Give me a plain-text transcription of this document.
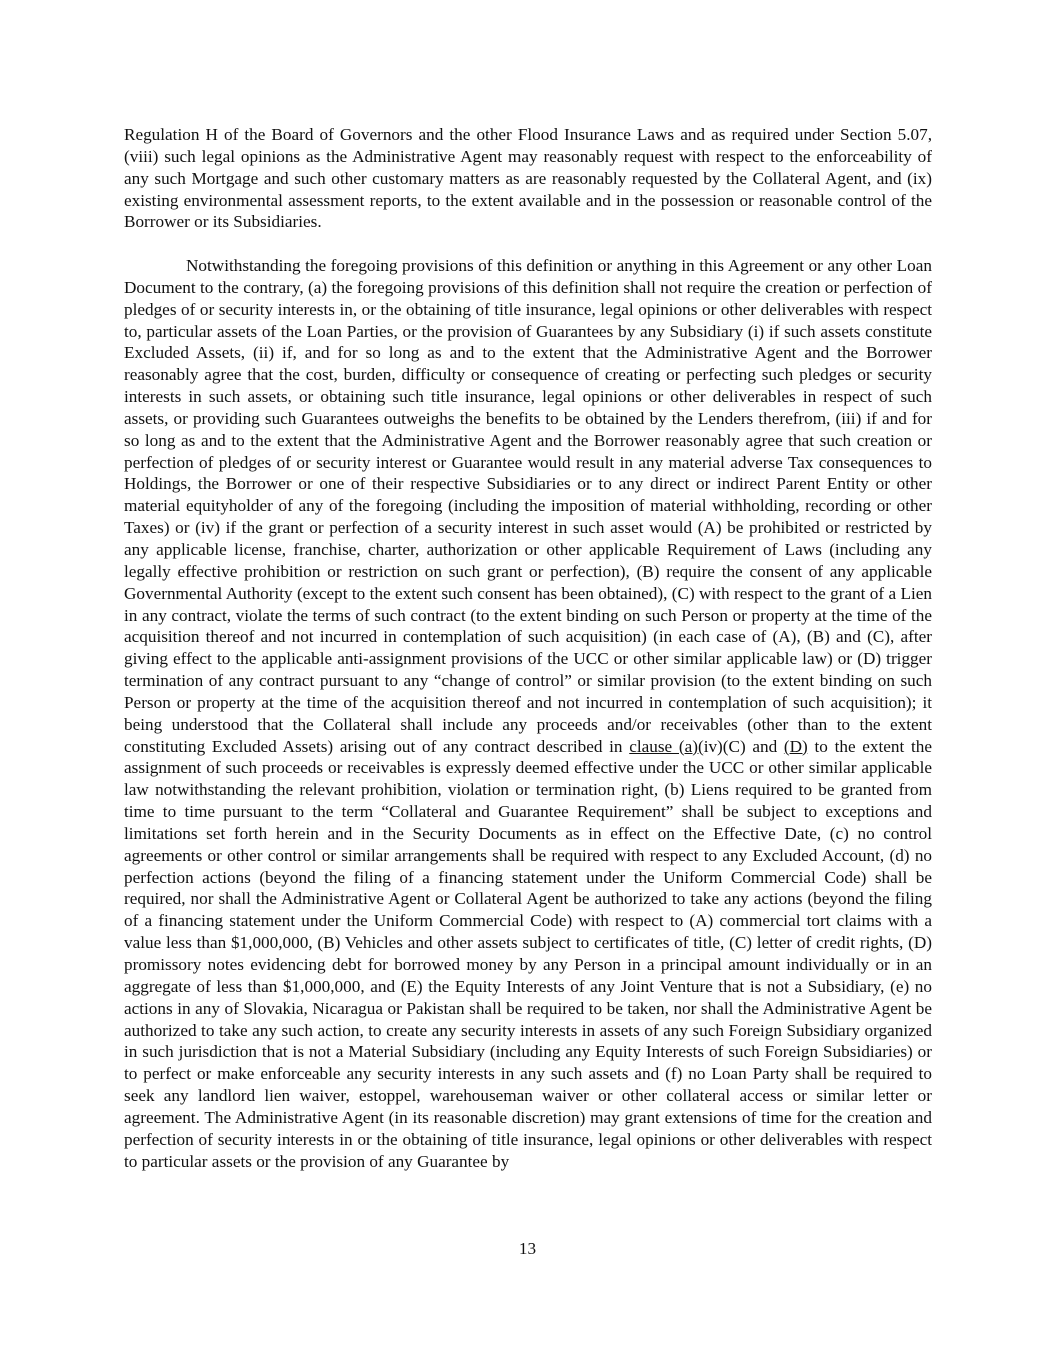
Regulation H of the Board of Governors and the other Flood Insurance Laws and as required under Section 5.07, (viii) such legal opinions as the Administrative Agent may reasonably request with respect to the enforceability of any such Mortgage and such other customary matters as are reasonably requested by the Collateral Agent, and (ix) existing environmental assessment reports, to the extent available and in the possession or reasonable control of the Borrower or its Subsidiaries.

Notwithstanding the foregoing provisions of this definition or anything in this Agreement or any other Loan Document to the contrary, (a) the foregoing provisions of this definition shall not require the creation or perfection of pledges of or security interests in, or the obtaining of title insurance, legal opinions or other deliverables with respect to, particular assets of the Loan Parties, or the provision of Guarantees by any Subsidiary (i) if such assets constitute Excluded Assets, (ii) if, and for so long as and to the extent that the Administrative Agent and the Borrower reasonably agree that the cost, burden, difficulty or consequence of creating or perfecting such pledges or security interests in such assets, or obtaining such title insurance, legal opinions or other deliverables in respect of such assets, or providing such Guarantees outweighs the benefits to be obtained by the Lenders therefrom, (iii) if and for so long as and to the extent that the Administrative Agent and the Borrower reasonably agree that such creation or perfection of pledges of or security interest or Guarantee would result in any material adverse Tax consequences to Holdings, the Borrower or one of their respective Subsidiaries or to any direct or indirect Parent Entity or other material equityholder of any of the foregoing (including the imposition of material withholding, recording or other Taxes) or (iv) if the grant or perfection of a security interest in such asset would (A) be prohibited or restricted by any applicable license, franchise, charter, authorization or other applicable Requirement of Laws (including any legally effective prohibition or restriction on such grant or perfection), (B) require the consent of any applicable Governmental Authority (except to the extent such consent has been obtained), (C) with respect to the grant of a Lien in any contract, violate the terms of such contract (to the extent binding on such Person or property at the time of the acquisition thereof and not incurred in contemplation of such acquisition) (in each case of (A), (B) and (C), after giving effect to the applicable anti-assignment provisions of the UCC or other similar applicable law) or (D) trigger termination of any contract pursuant to any “change of control” or similar provision (to the extent binding on such Person or property at the time of the acquisition thereof and not incurred in contemplation of such acquisition); it being understood that the Collateral shall include any proceeds and/or receivables (other than to the extent constituting Excluded Assets) arising out of any contract described in clause (a)(iv)(C) and (D) to the extent the assignment of such proceeds or receivables is expressly deemed effective under the UCC or other similar applicable law notwithstanding the relevant prohibition, violation or termination right, (b) Liens required to be granted from time to time pursuant to the term “Collateral and Guarantee Requirement” shall be subject to exceptions and limitations set forth herein and in the Security Documents as in effect on the Effective Date, (c) no control agreements or other control or similar arrangements shall be required with respect to any Excluded Account, (d) no perfection actions (beyond the filing of a financing statement under the Uniform Commercial Code) shall be required, nor shall the Administrative Agent or Collateral Agent be authorized to take any actions (beyond the filing of a financing statement under the Uniform Commercial Code) with respect to (A) commercial tort claims with a value less than $1,000,000, (B) Vehicles and other assets subject to certificates of title, (C) letter of credit rights, (D) promissory notes evidencing debt for borrowed money by any Person in a principal amount individually or in an aggregate of less than $1,000,000, and (E) the Equity Interests of any Joint Venture that is not a Subsidiary, (e) no actions in any of Slovakia, Nicaragua or Pakistan shall be required to be taken, nor shall the Administrative Agent be authorized to take any such action, to create any security interests in assets of any such Foreign Subsidiary organized in such jurisdiction that is not a Material Subsidiary (including any Equity Interests of such Foreign Subsidiaries) or to perfect or make enforceable any security interests in any such assets and (f) no Loan Party shall be required to seek any landlord lien waiver, estoppel, warehouseman waiver or other collateral access or similar letter or agreement. The Administrative Agent (in its reasonable discretion) may grant extensions of time for the creation and perfection of security interests in or the obtaining of title insurance, legal opinions or other deliverables with respect to particular assets or the provision of any Guarantee by

13
